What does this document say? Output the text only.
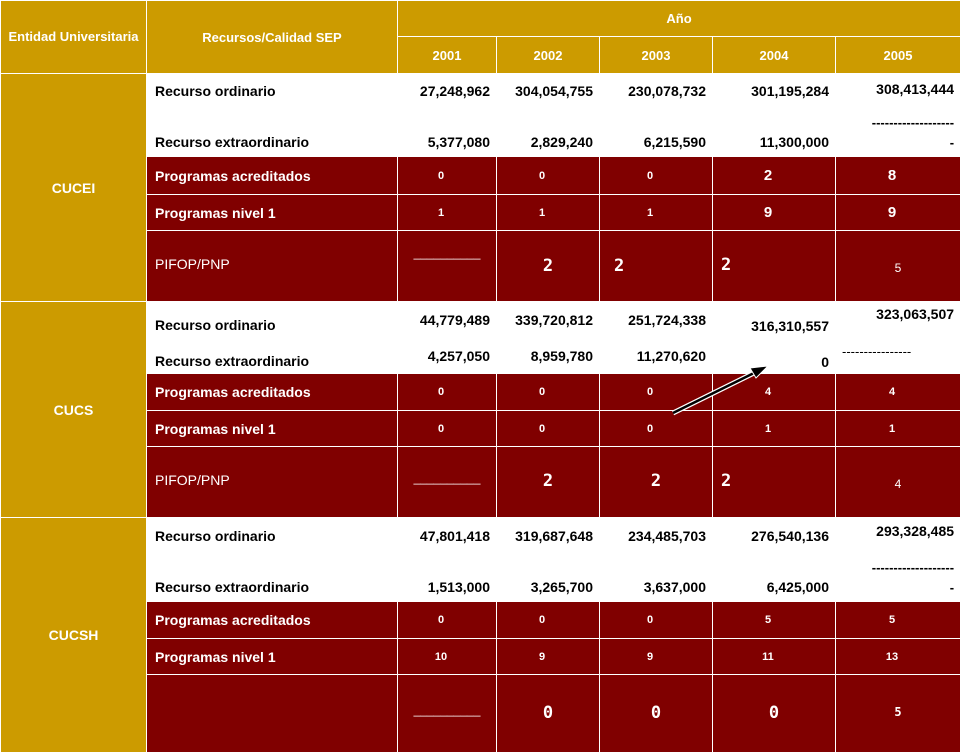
Entidad Universitaria	Recursos/Calidad SEP	Año				
		2001	2002	2003	2004	2005
CUCEI	Recurso ordinario	27,248,962	304,054,755	230,078,732	301,195,284	308,413,444
	Recurso extraordinario	5,377,080	2,829,240	6,215,590	11,300,000	-------------------
-

	Programas acreditados	0	0	0	2	8
	Programas nivel 1	1	1	1	9	9

	PIFOP/PNP	__________	2	2	2	5

CUCS	Recurso ordinario	44,779,489	339,720,812	251,724,338	316,310,557	323,063,507
	Recurso extraordinario	4,257,050	8,959,780	11,270,620	0	----------------
	Programas acreditados	0	0	0	4	4
	Programas nivel 1	0	0	0	1	1

	PIFOP/PNP	__________	2	2	2	4

CUCSH	Recurso ordinario	47,801,418	319,687,648	234,485,703	276,540,136	293,328,485
	Recurso extraordinario	1,513,000	3,265,700	3,637,000	6,425,000	-------------------
-

	Programas acreditados	0	0	0	5	5
	Programas nivel 1	10	9	9	11	13

		__________	0	0	0	5
